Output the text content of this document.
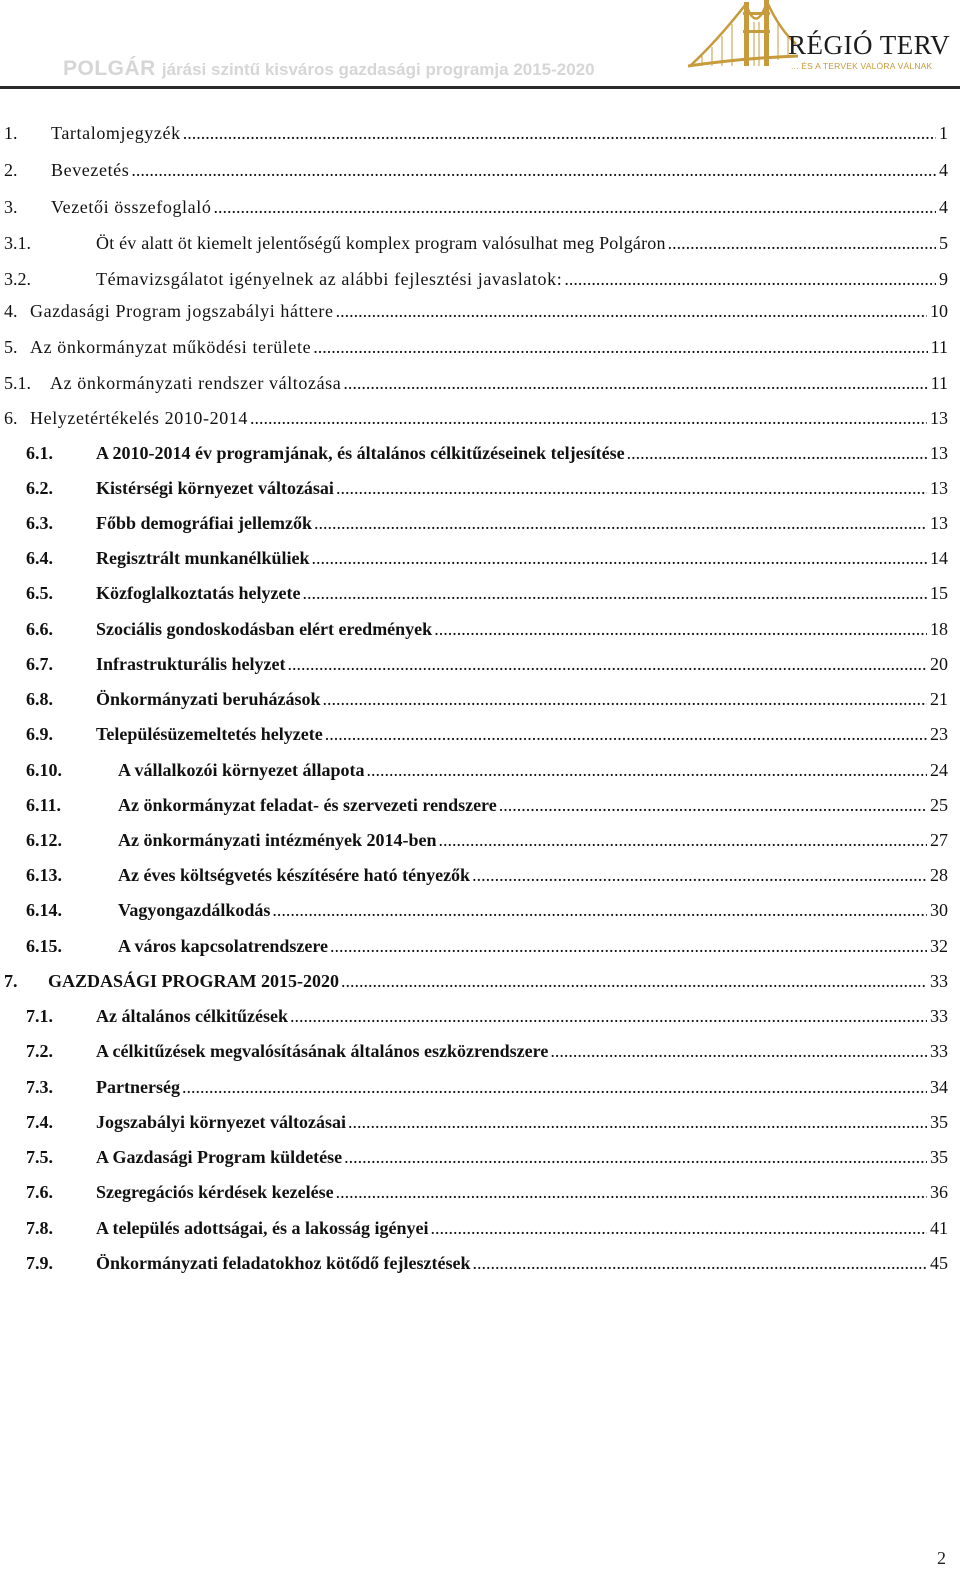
POLGÁR járási szintű kisváros gazdasági programja 2015-2020
RÉGIÓ TERV
... ÉS A TERVEK VALÓRA VÁLNAK
1.	Tartalomjegyzék .....	1
2.	Bevezetés .....	4
3.	Vezetői összefoglaló .....	4
3.1.	Öt év alatt öt kiemelt jelentőségű komplex program valósulhat meg Polgáron .....	5
3.2.	Témavizsgálatot igényelnek az alábbi fejlesztési javaslatok: .....	9
4. Gazdasági Program jogszabályi háttere .....	10
5. Az önkormányzat működési területe .....	11
5.1.	Az önkormányzati rendszer változása .....	11
6. Helyzetértékelés 2010-2014 .....	13
6.1.	A 2010-2014 év programjának, és általános célkitűzéseinek teljesítése .....	13
6.2.	Kistérségi környezet változásai .....	13
6.3.	Főbb demográfiai jellemzők .....	13
6.4.	Regisztrált munkanélküliek .....	14
6.5.	Közfoglalkoztatás helyzete .....	15
6.6.	Szociális gondoskodásban elért eredmények .....	18
6.7.	Infrastrukturális helyzet .....	20
6.8.	Önkormányzati beruházások .....	21
6.9.	Településüzemeltetés helyzete .....	23
6.10.	A vállalkozói környezet állapota .....	24
6.11.	Az önkormányzat feladat- és szervezeti rendszere .....	25
6.12.	Az önkormányzati intézmények 2014-ben .....	27
6.13.	Az éves költségvetés készítésére ható tényezők .....	28
6.14.	Vagyongazdálkodás .....	30
6.15.	A város kapcsolatrendszere .....	32
7.	GAZDASÁGI PROGRAM 2015-2020 .....	33
7.1.	Az általános célkitűzések .....	33
7.2.	A célkitűzések megvalósításának általános eszközrendszere .....	33
7.3.	Partnerség .....	34
7.4.	Jogszabályi környezet változásai .....	35
7.5.	A Gazdasági Program küldetése .....	35
7.6.	Szegregációs kérdések kezelése .....	36
7.8.	A település adottságai, és a lakosság igényei .....	41
7.9.	Önkormányzati feladatokhoz kötődő fejlesztések .....	45
2
